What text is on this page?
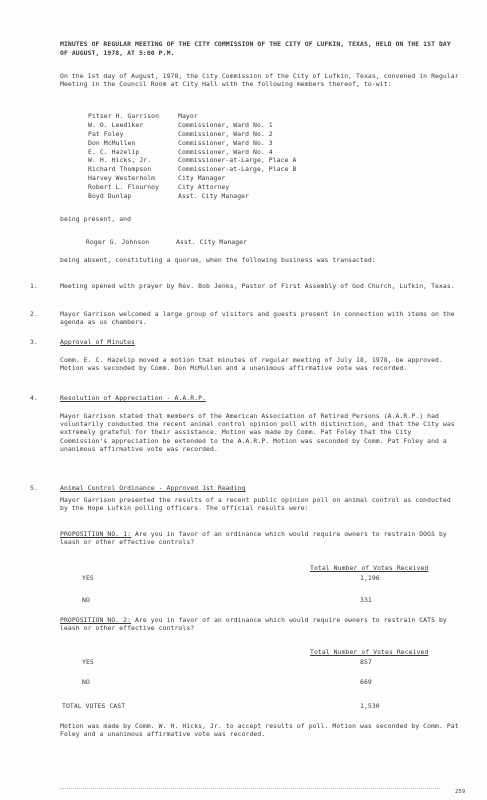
MINUTES OF REGULAR MEETING OF THE CITY COMMISSION OF THE CITY OF LUFKIN, TEXAS, HELD ON THE 1ST DAY OF AUGUST, 1978, AT 5:00 P.M.
On the 1st day of August, 1978, the City Commission of the City of Lufkin, Texas, convened in Regular Meeting in the Council Room at City Hall with the following members thereof, to-wit:
Pitser H. Garrison	Mayor
W. O. Leediker	Commissioner, Ward No. 1
Pat Foley	Commissioner, Ward No. 2
Don McMullen	Commissioner, Ward No. 3
E. C. Hazelip	Commissioner, Ward No. 4
W. H. Hicks, Jr.	Commissioner-at-Large, Place A
Richard Thompson	Commissioner-at-Large, Place B
Harvey Westerholm	City Manager
Robert L. Flournoy	City Attorney
Boyd Dunlap	Asst. City Manager
being present, and
Roger G. Johnson	Asst. City Manager
being absent, constituting a quorum, when the following business was transacted:
1.	Meeting opened with prayer by Rev. Bob Jenks, Pastor of First Assembly of God Church, Lufkin, Texas.
2.	Mayor Garrison welcomed a large group of visitors and guests present in connection with items on the agenda as us chambers.
3.	Approval of Minutes
Comm. E. C. Hazelip moved a motion that minutes of regular meeting of July 18, 1978, be approved. Motion was seconded by Comm. Don McMullen and a unanimous affirmative vote was recorded.
4.	Resolution of Appreciation - A.A.R.P.
Mayor Garrison stated that members of the American Association of Retired Persons (A.A.R.P.) had voluntarily conducted the recent animal control opinion poll with distinction, and that the City was extremely grateful for their assistance. Motion was made by Comm. Pat Foley that the City Commission's appreciation be extended to the A.A.R.P. Motion was seconded by Comm. Pat Foley and a unanimous affirmative vote was recorded.
5.	Animal Control Ordinance - Approved 1st Reading
Mayor Garrison presented the results of a recent public opinion poll on animal control as conducted by the Hope Lufkin polling officers. The official results were:
PROPOSITION NO. 1: Are you in favor of an ordinance which would require owners to restrain DOGS by leash or other effective controls?
Total Number of Votes Received
YES	1,196
NO	331
PROPOSITION NO. 2: Are you in favor of an ordinance which would require owners to restrain CATS by leash or other effective controls?
Total Number of Votes Received
YES	857
NO	669
TOTAL VOTES CAST	1,530
Motion was made by Comm. W. H. Hicks, Jr. to accept results of poll. Motion was seconded by Comm. Pat Foley and a unanimous affirmative vote was recorded.
259
